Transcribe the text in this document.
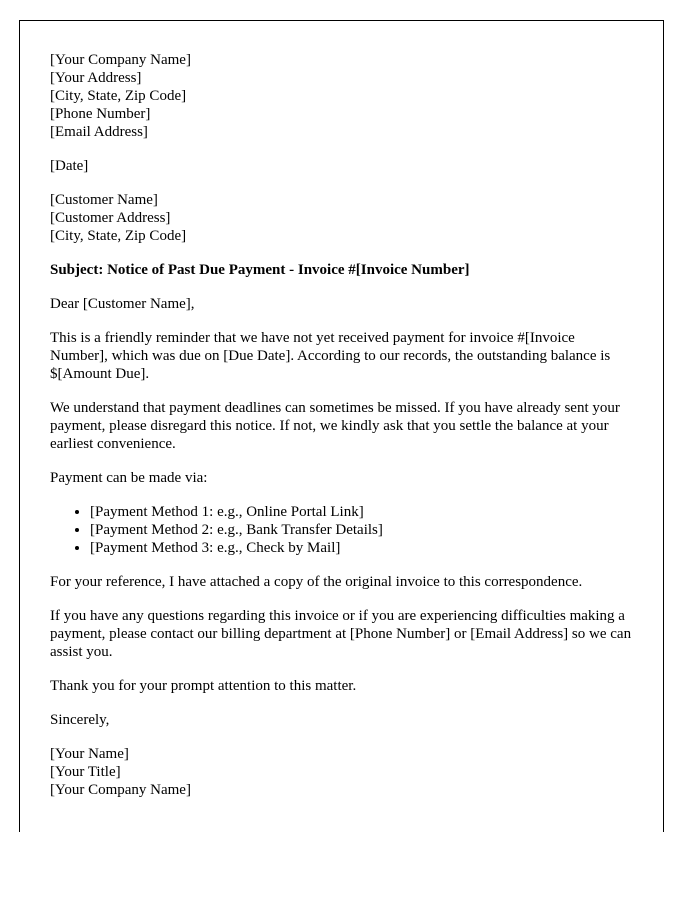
[Your Company Name]
[Your Address]
[City, State, Zip Code]
[Phone Number]
[Email Address]

[Date]

[Customer Name]
[Customer Address]
[City, State, Zip Code]

Subject: Notice of Past Due Payment - Invoice #[Invoice Number]

Dear [Customer Name],

This is a friendly reminder that we have not yet received payment for invoice #[Invoice Number], which was due on [Due Date]. According to our records, the outstanding balance is $[Amount Due].

We understand that payment deadlines can sometimes be missed. If you have already sent your payment, please disregard this notice. If not, we kindly ask that you settle the balance at your earliest convenience.

Payment can be made via:

• [Payment Method 1: e.g., Online Portal Link]
• [Payment Method 2: e.g., Bank Transfer Details]
• [Payment Method 3: e.g., Check by Mail]

For your reference, I have attached a copy of the original invoice to this correspondence.

If you have any questions regarding this invoice or if you are experiencing difficulties making a payment, please contact our billing department at [Phone Number] or [Email Address] so we can assist you.

Thank you for your prompt attention to this matter.

Sincerely,

[Your Name]
[Your Title]
[Your Company Name]
